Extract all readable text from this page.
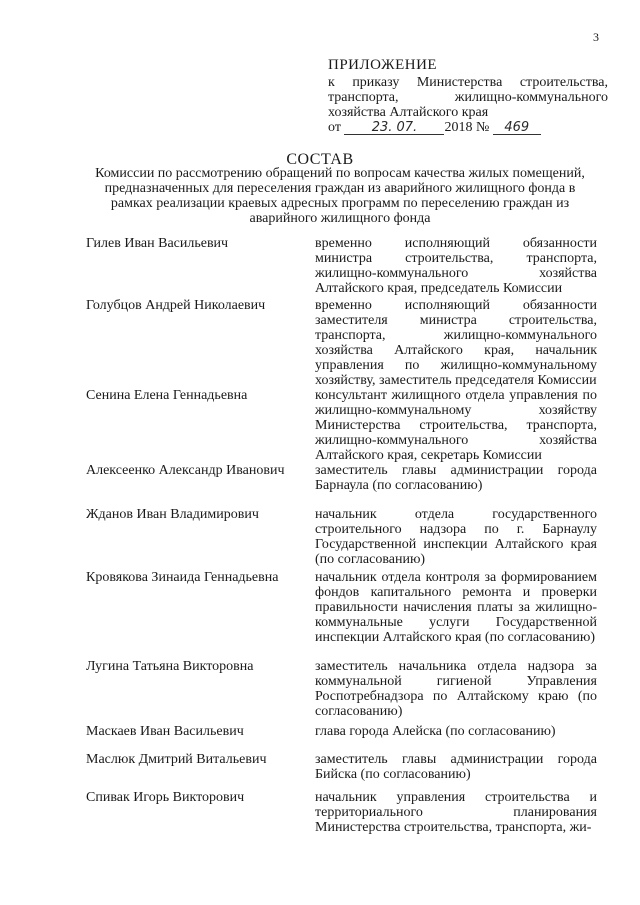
3
ПРИЛОЖЕНИЕ
к приказу Министерства строительства,
транспорта, жилищно-коммунального
хозяйства Алтайского края
от 23. 07. 2018 № 469
СОСТАВ
Комиссии по рассмотрению обращений по вопросам качества жилых помещений, предназначенных для переселения граждан из аварийного жилищного фонда в рамках реализации краевых адресных программ по переселению граждан из аварийного жилищного фонда
Гилев Иван Васильевич	временно исполняющий обязанности министра строительства, транспорта, жилищно-коммунального хозяйства Алтайского края, председатель Комиссии
Голубцов Андрей Николаевич	временно исполняющий обязанности заместителя министра строительства, транспорта, жилищно-коммунального хозяйства Алтайского края, начальник управления по жилищно-коммунальному хозяйству, заместитель председателя Комиссии
Сенина Елена Геннадьевна	консультант жилищного отдела управления по жилищно-коммунальному хозяйству Министерства строительства, транспорта, жилищно-коммунального хозяйства Алтайского края, секретарь Комиссии
Алексеенко Александр Иванович заместитель главы администрации города Барнаула (по согласованию)
Жданов Иван Владимирович	начальник отдела государственного строительного надзора по г. Барнаулу Государственной инспекции Алтайского края (по согласованию)
Кровякова Зинаида Геннадьевна	начальник отдела контроля за формированием фондов капитального ремонта и проверки правильности начисления платы за жилищно-коммунальные услуги Государственной инспекции Алтайского края (по согласованию)
Лугина Татьяна Викторовна	заместитель начальника отдела надзора за коммунальной гигиеной Управления Роспотребнадзора по Алтайскому краю (по согласованию)
Маскаев Иван Васильевич	глава города Алейска (по согласованию)
Маслюк Дмитрий Витальевич	заместитель главы администрации города Бийска (по согласованию)
Спивак Игорь Викторович	начальник управления строительства и территориального планирования Министерства строительства, транспорта, жи-
